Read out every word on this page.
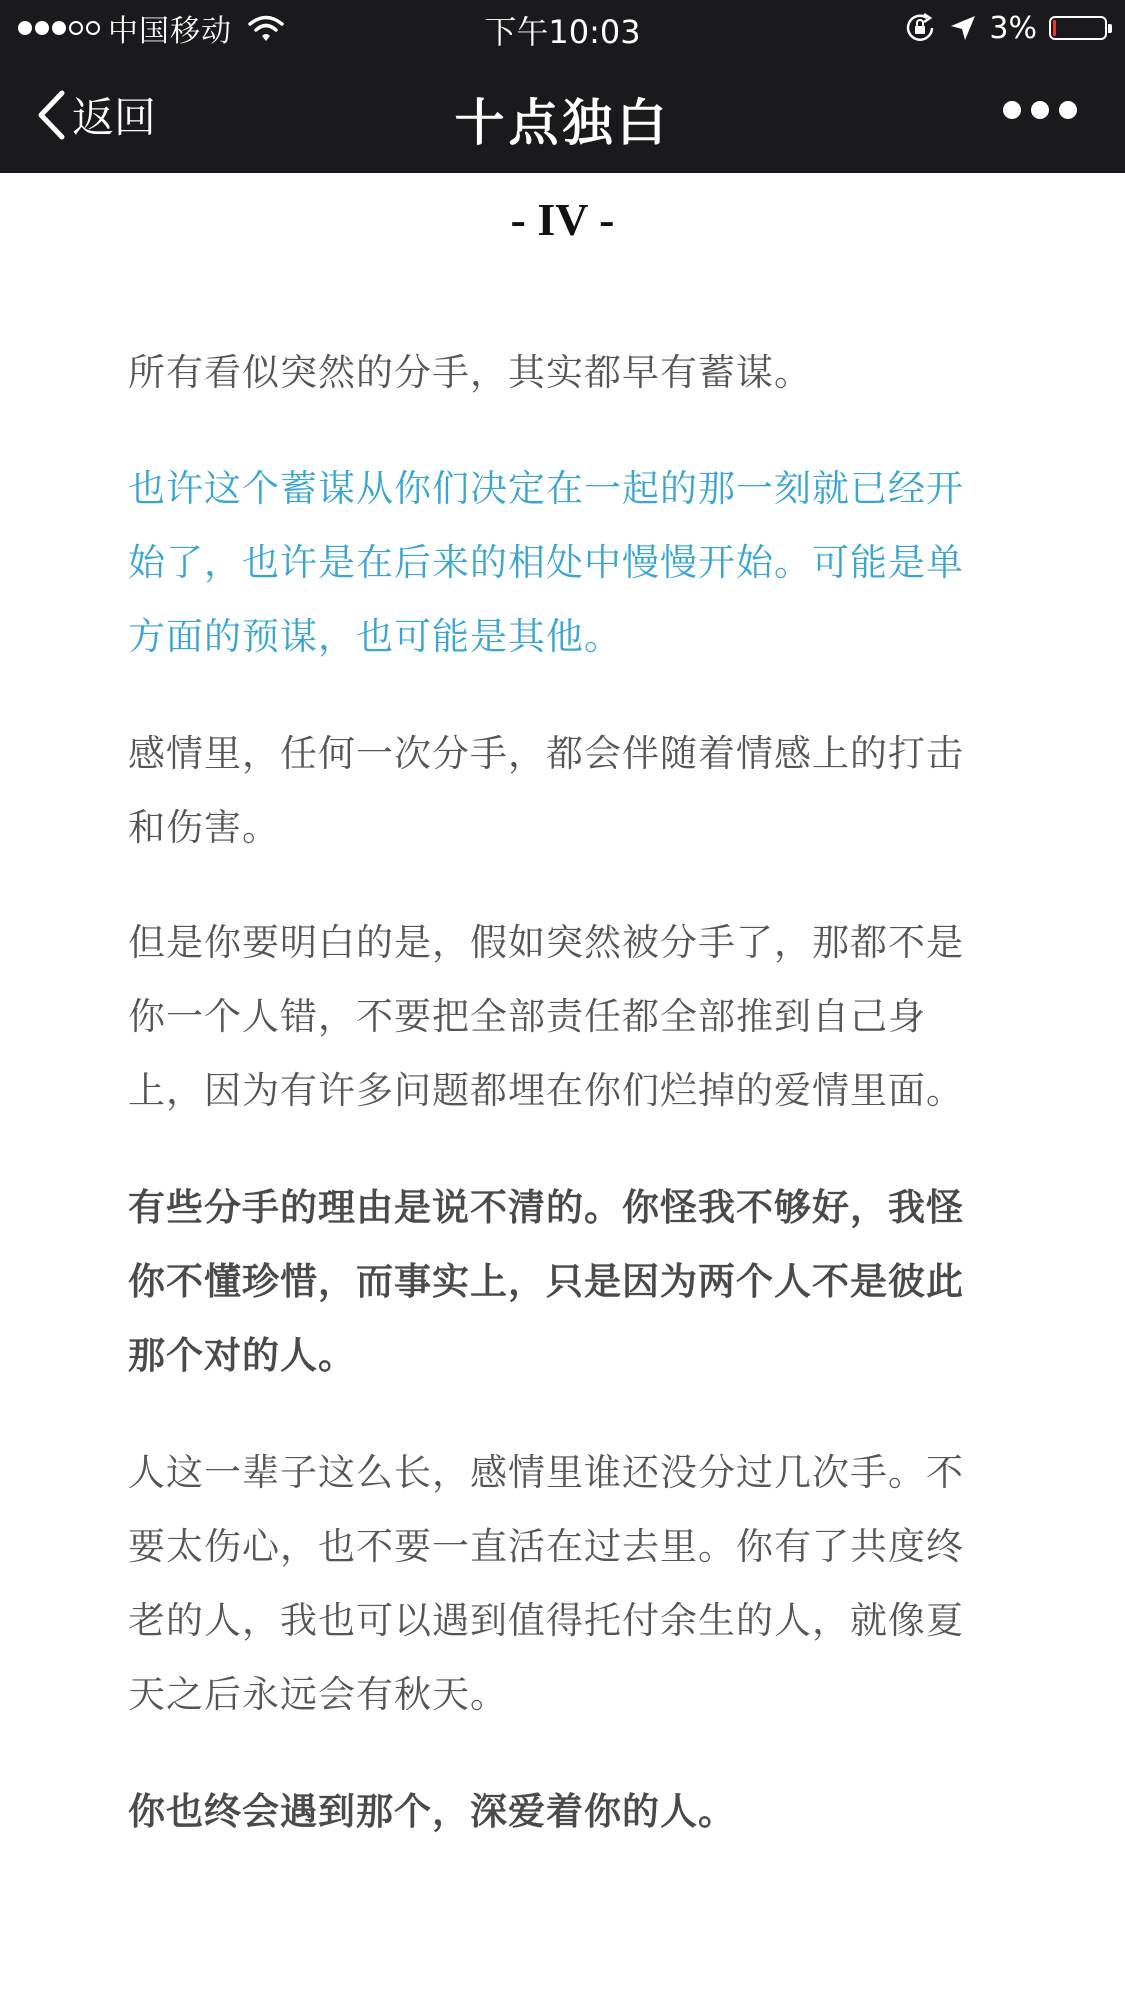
中国移动	下午10:03	3%
返回	十点独白
- IV -

所有看似突然的分手，其实都早有蓄谋。

也许这个蓄谋从你们决定在一起的那一刻就已经开始了，也许是在后来的相处中慢慢开始。可能是单方面的预谋，也可能是其他。

感情里，任何一次分手，都会伴随着情感上的打击和伤害。

但是你要明白的是，假如突然被分手了，那都不是你一个人错，不要把全部责任都全部推到自己身上，因为有许多问题都埋在你们烂掉的爱情里面。

有些分手的理由是说不清的。你怪我不够好，我怪你不懂珍惜，而事实上，只是因为两个人不是彼此那个对的人。

人这一辈子这么长，感情里谁还没分过几次手。不要太伤心，也不要一直活在过去里。你有了共度终老的人，我也可以遇到值得托付余生的人，就像夏天之后永远会有秋天。

你也终会遇到那个，深爱着你的人。
